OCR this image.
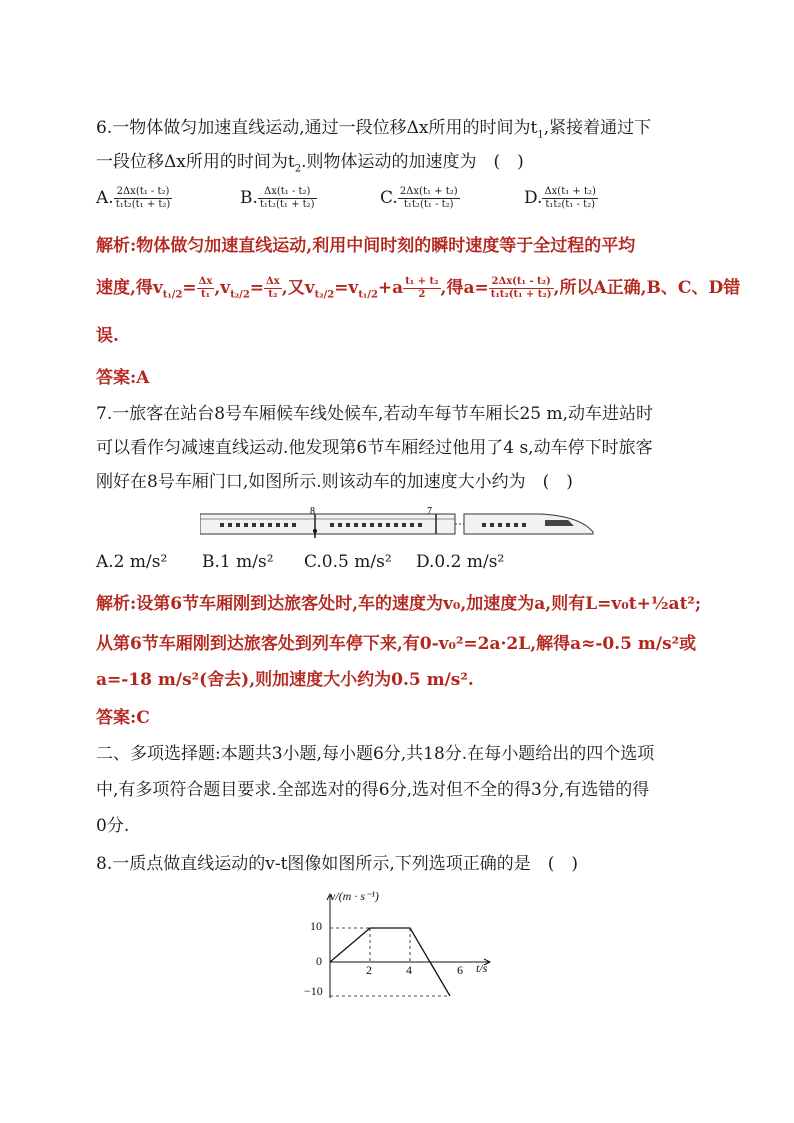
6.一物体做匀加速直线运动,通过一段位移Δx所用的时间为$t_1$,紧接着通过下
一段位移Δx所用的时间为$t_2$.则物体运动的加速度为　(　)
A. $\frac{\text{2Δx(t₁ - t₂)}}{\text{t₁t₂(t₁ + t₂)}}$	B. $\frac{\text{Δx(t₁ - t₂)}}{\text{t₁t₂(t₁ + t₂)}}$	C. $\frac{\text{2Δx(t₁ + t₂)}}{\text{t₁t₂(t₁ - t₂)}}$	D. $\frac{\text{Δx(t₁ + t₂)}}{\text{t₁t₂(t₁ - t₂)}}$
解析:物体做匀加速直线运动,利用中间时刻的瞬时速度等于全过程的平均
速度,得$v_{t_1/2}= \frac{\Delta x}{\text{t₁}} ,v_{t_2/2}= \frac{\Delta x}{\text{t₂}}$ ,又$v_{t_2/2}=v_{t_1/2}+a \frac{\text{t₁ + t₂}}{2}$ ,得$a= \frac{\text{2Δx(t₁ - t₂)}}{\text{t₁t₂(t₁ + t₂)}}$ ,所以A正确,B、C、D错
误.
答案:A
7.一旅客在站台8号车厢候车线处候车,若动车每节车厢长25 m,动车进站时
可以看作匀减速直线运动.他发现第6节车厢经过他用了4 s,动车停下时旅客
刚好在8号车厢门口,如图所示.则该动车的加速度大小约为　(　)
8	7
A.2 m/s² B.1 m/s² C.0.5 m/s² D.0.2 m/s²
解析:设第6节车厢刚到达旅客处时,车的速度为v₀,加速度为a,则有L=v₀t+½at²;
从第6节车厢刚到达旅客处到列车停下来,有0-v₀²=2a·2L,解得a≈-0.5 m/s²或
a=-18 m/s²(舍去),则加速度大小约为0.5 m/s².
答案:C
二、多项选择题:本题共3小题,每小题6分,共18分.在每小题给出的四个选项
中,有多项符合题目要求.全部选对的得6分,选对但不全的得3分,有选错的得
0分.
8.一质点做直线运动的v-t图像如图所示,下列选项正确的是　(　)
v/(m · s⁻¹)
t/s
10
0
−10
2	4	6
